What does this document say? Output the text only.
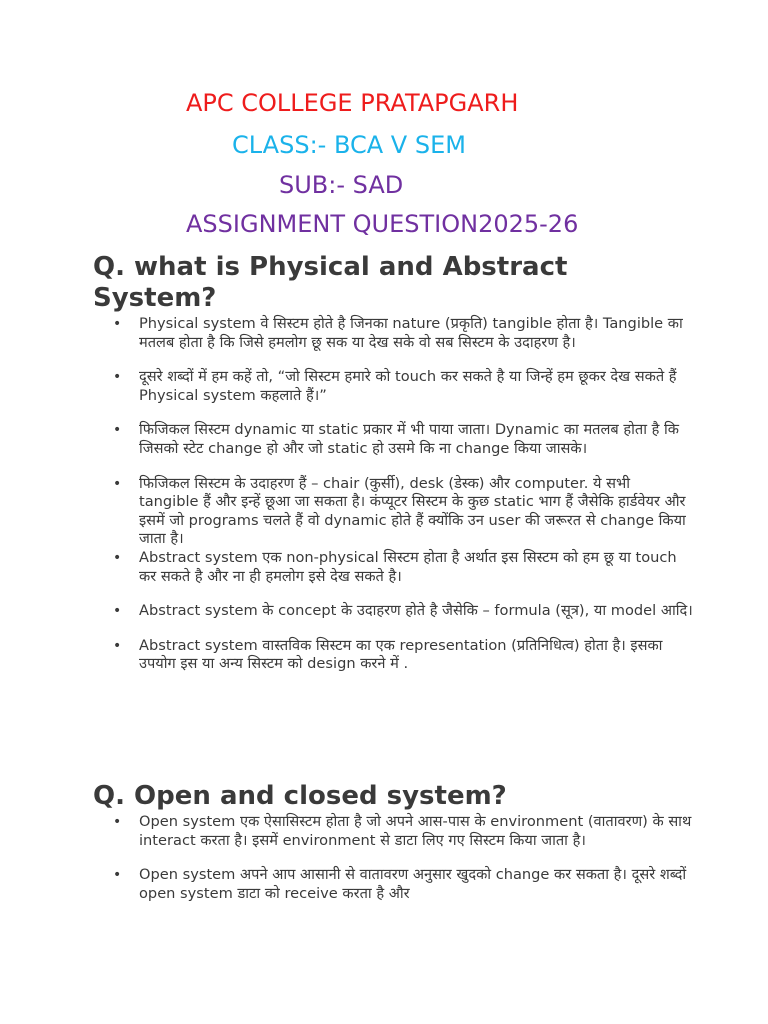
APC COLLEGE PRATAPGARH
CLASS:- BCA V SEM
SUB:- SAD
ASSIGNMENT QUESTION2025-26
Q. what is Physical and Abstract System?
• Physical system वे सिस्टम होते है जिनका nature (प्रकृति) tangible होता है। Tangible का मतलब होता है कि जिसे हमलोग छू सक या देख सके वो सब सिस्टम के उदाहरण है।
• दूसरे शब्दों में हम कहें तो, “जो सिस्टम हमारे को touch कर सकते है या जिन्हें हम छूकर देख सकते हैं Physical system कहलाते हैं।”
• फिजिकल सिस्टम dynamic या static प्रकार में भी पाया जाता। Dynamic का मतलब होता है कि जिसको स्टेट change हो और जो static हो उसमे कि ना change किया जासके।
• फिजिकल सिस्टम के उदाहरण हैं – chair (कुर्सी), desk (डेस्क) और computer. ये सभी tangible हैं और इन्हें छूआ जा सकता है। कंप्यूटर सिस्टम के कुछ static भाग हैं जैसेकि हार्डवेयर और इसमें जो programs चलते हैं वो dynamic होते हैं क्योंकि उन user की जरूरत से change किया जाता है।
• Abstract system एक non-physical सिस्टम होता है अर्थात इस सिस्टम को हम छू या touch कर सकते है और ना ही हमलोग इसे देख सकते है।
• Abstract system के concept के उदाहरण होते है जैसेकि – formula (सूत्र), या model आदि।
• Abstract system वास्तविक सिस्टम का एक representation (प्रतिनिधित्व) होता है। इसका उपयोग इस या अन्य सिस्टम को design करने में .
Q. Open and closed system?
• Open system एक ऐसासिस्टम होता है जो अपने आस-पास के environment (वातावरण) के साथ interact करता है। इसमें environment से डाटा लिए गए सिस्टम किया जाता है।
• Open system अपने आप आसानी से वातावरण अनुसार खुदको change कर सकता है। दूसरे शब्दों open system डाटा को receive करता है और
